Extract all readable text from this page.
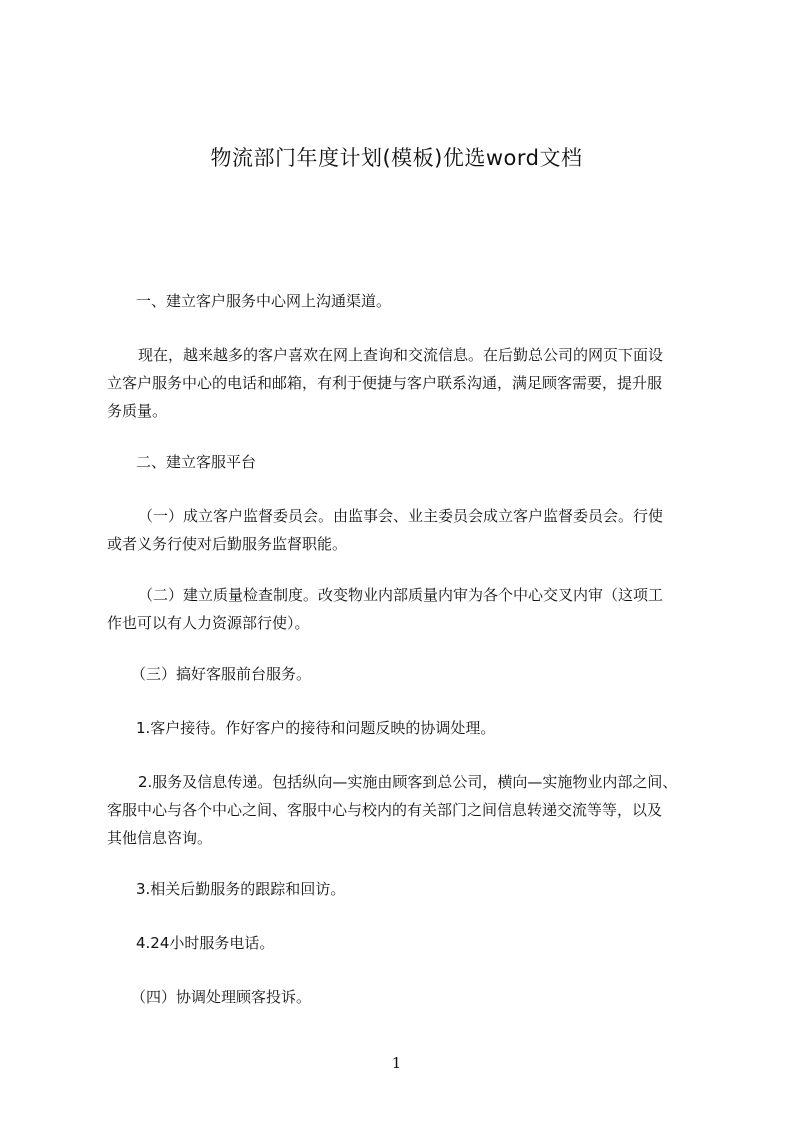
物流部门年度计划(模板)优选word文档

一、建立客户服务中心网上沟通渠道。

现在，越来越多的客户喜欢在网上查询和交流信息。在后勤总公司的网页下面设

立客户服务中心的电话和邮箱，有利于便捷与客户联系沟通，满足顾客需要，提升服

务质量。

二、建立客服平台

（一）成立客户监督委员会。由监事会、业主委员会成立客户监督委员会。行使

或者义务行使对后勤服务监督职能。

（二）建立质量检查制度。改变物业内部质量内审为各个中心交叉内审（这项工

作也可以有人力资源部行使）。

（三）搞好客服前台服务。

1.客户接待。作好客户的接待和问题反映的协调处理。

2.服务及信息传递。包括纵向—实施由顾客到总公司，横向—实施物业内部之间、

客服中心与各个中心之间、客服中心与校内的有关部门之间信息转递交流等等，以及

其他信息咨询。

3.相关后勤服务的跟踪和回访。

4.24小时服务电话。

（四）协调处理顾客投诉。

1
